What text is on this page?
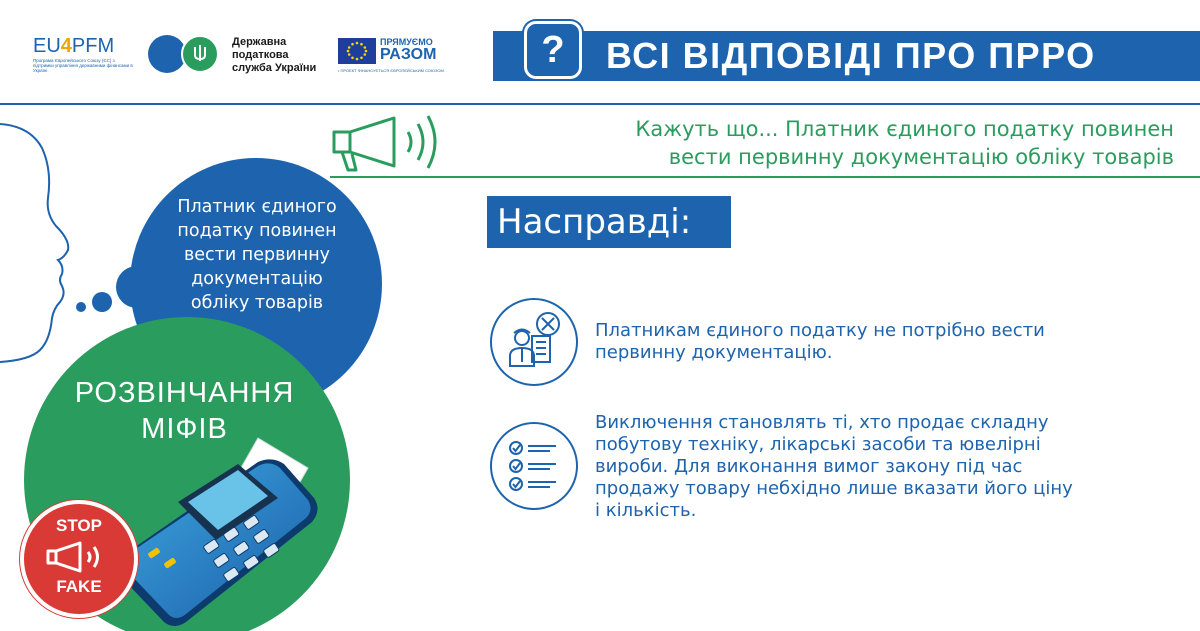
EU4PFM
Програма Європейського Союзу (ЄС) з підтримки управління державними фінансами в Україні
Державна
податкова
служба України
ПРЯМУЄМО
РАЗОМ
• ПРОЕКТ ФІНАНСУЄТЬСЯ ЄВРОПЕЙСЬКИМ СОЮЗОМ	?	ВСІ ВІДПОВІДІ ПРО ПРРО
Кажуть що... Платник єдиного податку повинен
вести первинну документацію обліку товарів
Платник єдиного
податку повинен
вести первинну
документацію
обліку товарів
РОЗВІНЧАННЯ
МІФІВ
STOP
FAKE
Насправді:
Платникам єдиного податку не потрібно вести
первинну документацію.
Виключення становлять ті, хто продає складну
побутову техніку, лікарські засоби та ювелірні
вироби. Для виконання вимог закону під час
продажу товару небхідно лише вказати його ціну
і кількість.
